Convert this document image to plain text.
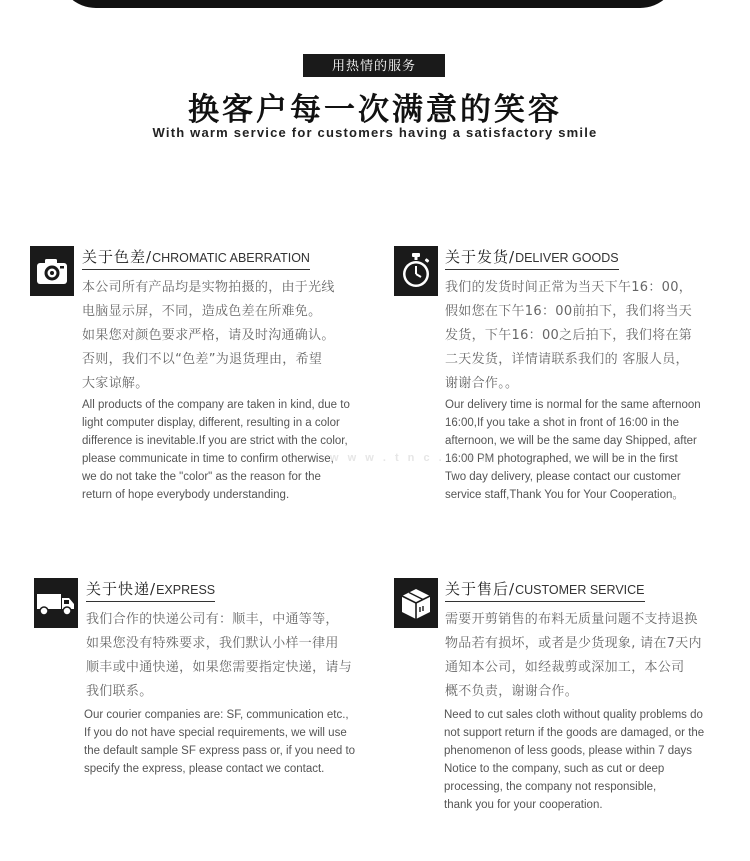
用热情的服务
换客户每一次满意的笑容
With warm service for customers having a satisfactory smile
关于色差/CHROMATIC ABERRATION
本公司所有产品均是实物拍摄的，由于光线
电脑显示屏，不同，造成色差在所难免。
如果您对颜色要求严格，请及时沟通确认。
否则，我们不以“色差”为退货理由，希望
大家谅解。
All products of the company are taken in kind, due to
light computer display, different, resulting in a color
difference is inevitable.If you are strict with the color,
please communicate in time to confirm otherwise,
we do not take the "color" as the reason for the
return of hope everybody understanding.
关于发货/DELIVER GOODS
我们的发货时间正常为当天下午16：00，
假如您在下午16：00前拍下，我们将当天
发货，下午16：00之后拍下，我们将在第
二天发货，详情请联系我们的 客服人员，
谢谢合作。。
Our delivery time is normal for the same afternoon
16:00,If you take a shot in front of 16:00 in the
afternoon, we will be the same day Shipped, after
16:00 PM photographed, we will be in the first
Two day delivery, please contact our customer
service staff,Thank You for Your Cooperation。
关于快递/EXPRESS
我们合作的快递公司有：顺丰，中通等等，
如果您没有特殊要求，我们默认小样一律用
顺丰或中通快递，如果您需要指定快递，请与
我们联系。
Our courier companies are: SF, communication etc.,
If you do not have special requirements, we will use
the default sample SF express pass or, if you need to
specify the express, please contact we contact.
关于售后/CUSTOMER SERVICE
需要开剪销售的布料无质量问题不支持退换
物品若有损坏，或者是少货现象, 请在7天内
通知本公司，如经裁剪或深加工，本公司
概不负责，谢谢合作。
Need to cut sales cloth without quality problems do
not support return if the goods are damaged, or the
phenomenon of less goods, please within 7 days
Notice to the company, such as cut or deep
processing, the company not responsible,
thank you for your cooperation.
w w w . t n c . c o m
